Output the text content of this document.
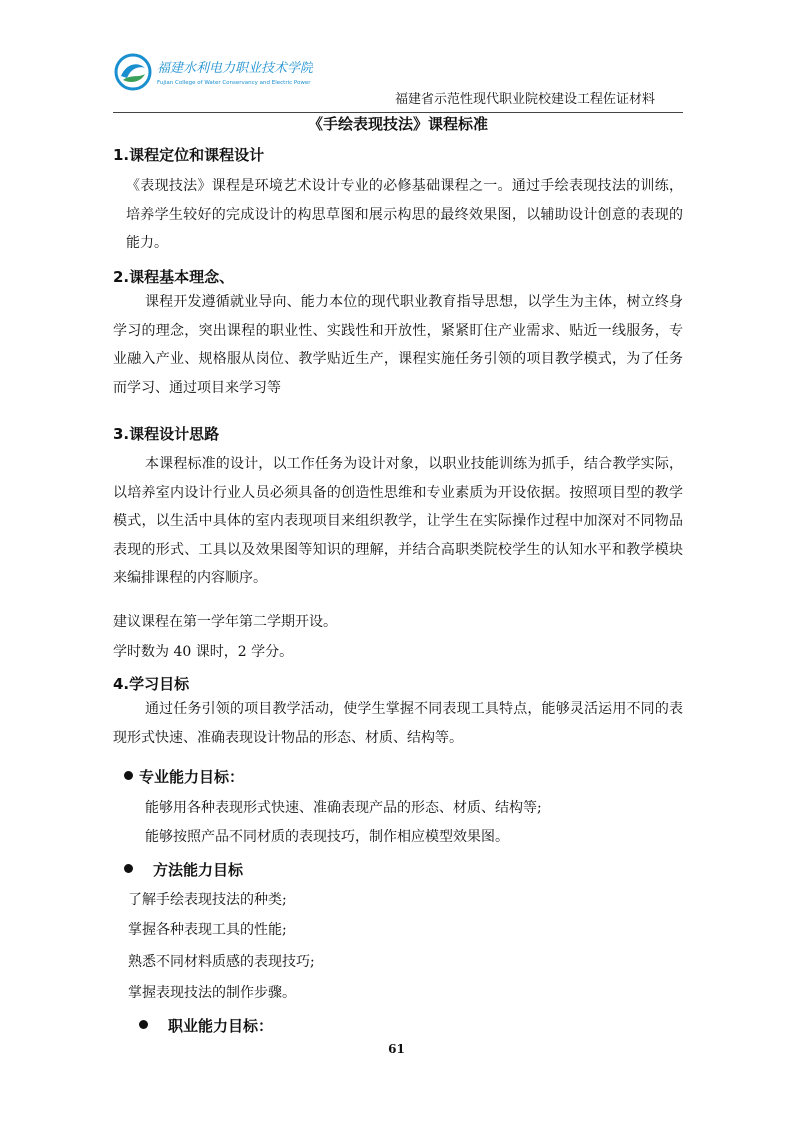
福建水利电力职业技术学院
Fujian College of Water Conservancy and Electric Power
福建省示范性现代职业院校建设工程佐证材料
《手绘表现技法》课程标准
1.课程定位和课程设计
《表现技法》课程是环境艺术设计专业的必修基础课程之一。通过手绘表现技法的训练，培养学生较好的完成设计的构思草图和展示构思的最终效果图，以辅助设计创意的表现的能力。
2.课程基本理念、
课程开发遵循就业导向、能力本位的现代职业教育指导思想，以学生为主体，树立终身学习的理念，突出课程的职业性、实践性和开放性，紧紧盯住产业需求、贴近一线服务，专业融入产业、规格服从岗位、教学贴近生产，课程实施任务引领的项目教学模式，为了任务而学习、通过项目来学习等
3.课程设计思路
本课程标准的设计，以工作任务为设计对象，以职业技能训练为抓手，结合教学实际，以培养室内设计行业人员必须具备的创造性思维和专业素质为开设依据。按照项目型的教学模式，以生活中具体的室内表现项目来组织教学，让学生在实际操作过程中加深对不同物品表现的形式、工具以及效果图等知识的理解，并结合高职类院校学生的认知水平和教学模块来编排课程的内容顺序。
建议课程在第一学年第二学期开设。
学时数为 40 课时，2 学分。
4.学习目标
通过任务引领的项目教学活动，使学生掌握不同表现工具特点，能够灵活运用不同的表现形式快速、准确表现设计物品的形态、材质、结构等。
专业能力目标：
能够用各种表现形式快速、准确表现产品的形态、材质、结构等;
能够按照产品不同材质的表现技巧，制作相应模型效果图。
方法能力目标
了解手绘表现技法的种类;
掌握各种表现工具的性能;
熟悉不同材料质感的表现技巧;
掌握表现技法的制作步骤。
职业能力目标：
61
